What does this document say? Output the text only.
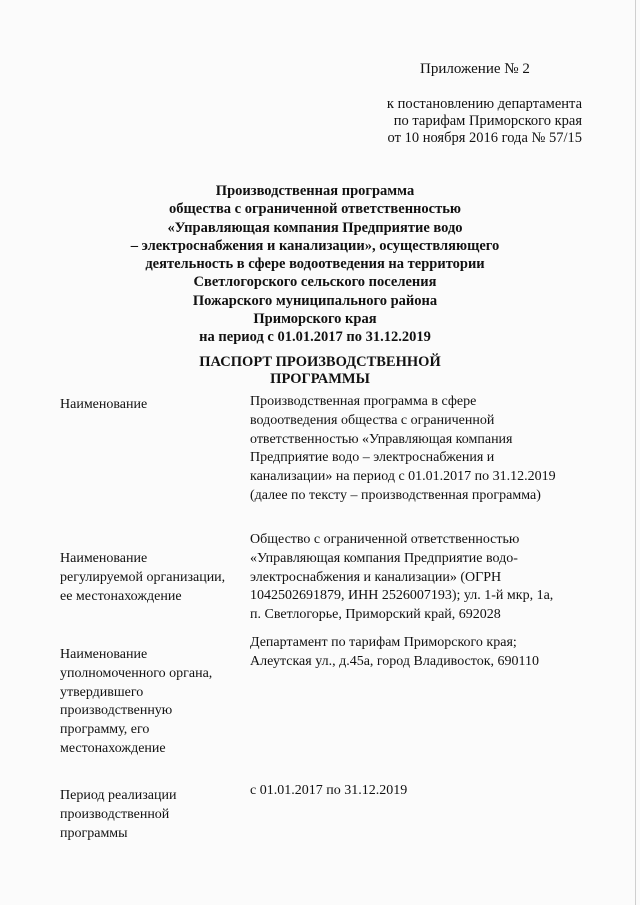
Приложение № 2
к постановлению департамента
по тарифам Приморского края
от 10 ноября 2016 года № 57/15
Производственная программа
общества с ограниченной ответственностью
«Управляющая компания Предприятие водо
– электроснабжения и канализации», осуществляющего
деятельность в сфере водоотведения на территории
Светлогорского сельского поселения
Пожарского муниципального района
Приморского края
на период с 01.01.2017 по 31.12.2019
ПАСПОРТ ПРОИЗВОДСТВЕННОЙ ПРОГРАММЫ
Наименование	Производственная программа в сфере
водоотведения общества с ограниченной
ответственностью «Управляющая компания
Предприятие водо – электроснабжения и
канализации» на период с 01.01.2017 по 31.12.2019
(далее по тексту – производственная программа)
Наименование
регулируемой организации,
ее местонахождение
Общество с ограниченной ответственностью
«Управляющая компания Предприятие водо-
электроснабжения и канализации» (ОГРН
1042502691879, ИНН 2526007193); ул. 1-й мкр, 1а,
п. Светлогорье, Приморский край, 692028
Наименование
уполномоченного органа,
утвердившего
производственную
программу, его
местонахождение
Департамент по тарифам Приморского края;
Алеутская ул., д.45а, город Владивосток, 690110
Период реализации
производственной
программы
с 01.01.2017 по 31.12.2019
